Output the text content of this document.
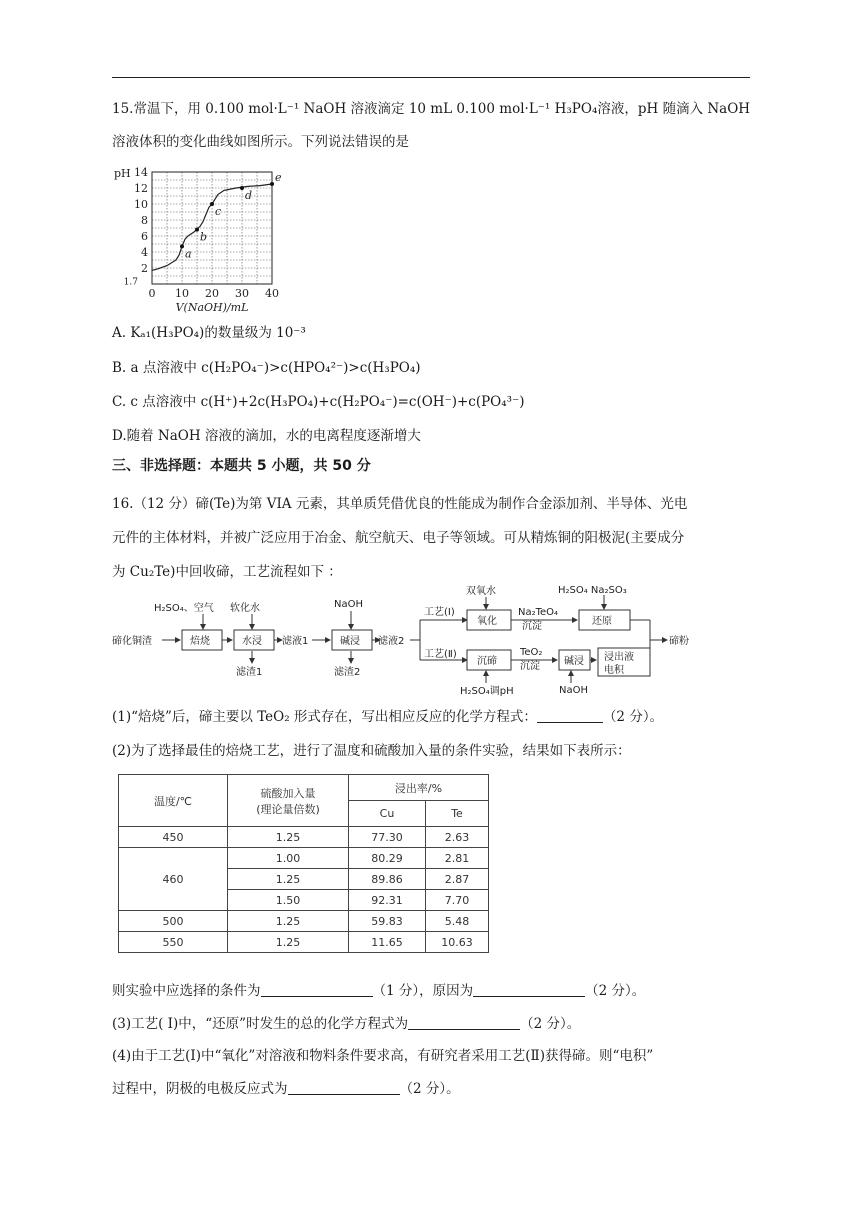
15.常温下，用 0.100 mol·L⁻¹ NaOH 溶液滴定 10 mL 0.100 mol·L⁻¹ H₃PO₄溶液，pH 随滴入 NaOH
溶液体积的变化曲线如图所示。下列说法错误的是
0 10 20 30 40
2
4
6
8
10
12
14
1.7
pH
V(NaOH)/mL
a
b
c
d
e
A. Kₐ₁(H₃PO₄)的数量级为 10⁻³
B. a 点溶液中 c(H₂PO₄⁻)>c(HPO₄²⁻)>c(H₃PO₄)
C. c 点溶液中 c(H⁺)+2c(H₃PO₄)+c(H₂PO₄⁻)=c(OH⁻)+c(PO₄³⁻)
D.随着 NaOH 溶液的滴加，水的电离程度逐渐增大
三、非选择题：本题共 5 小题，共 50 分
16.（12 分）碲(Te)为第 VIA 元素，其单质凭借优良的性能成为制作合金添加剂、半导体、光电
元件的主体材料，并被广泛应用于冶金、航空航天、电子等领域。可从精炼铜的阳极泥(主要成分
为 Cu₂Te)中回收碲，工艺流程如下 ：
碲化铜渣
H₂SO₄、空气
焙烧
软化水
水浸
滤渣1
滤液1
NaOH
碱浸
滤渣2
滤液2
工艺(Ⅰ)
双氧水
氧化
Na₂TeO₄
沉淀
H₂SO₄ Na₂SO₃
还原
工艺(Ⅱ)
沉碲
H₂SO₄调pH
TeO₂
沉淀 碱浸
NaOH
浸出液
电积
碲粉
(1)“焙烧”后，碲主要以 TeO₂ 形式存在，写出相应反应的化学方程式：	（2 分）。
(2)为了选择最佳的焙烧工艺，进行了温度和硫酸加入量的条件实验，结果如下表所示：
温度/℃	硫酸加入量
(理论量倍数)	浸出率/%	
		Cu	Te
450	1.25	77.30	2.63
460	1.00	80.29	2.81
	1.25	89.86	2.87
	1.50	92.31	7.70
500	1.25	59.83	5.48
550	1.25	11.65	10.63
则实验中应选择的条件为	（1 分），原因为	（2 分）。
(3)工艺( Ⅰ)中，“还原”时发生的总的化学方程式为	（2 分）。
(4)由于工艺(Ⅰ)中“氧化”对溶液和物料条件要求高，有研究者采用工艺(Ⅱ)获得碲。则“电积”
过程中，阴极的电极反应式为	（2 分）。
